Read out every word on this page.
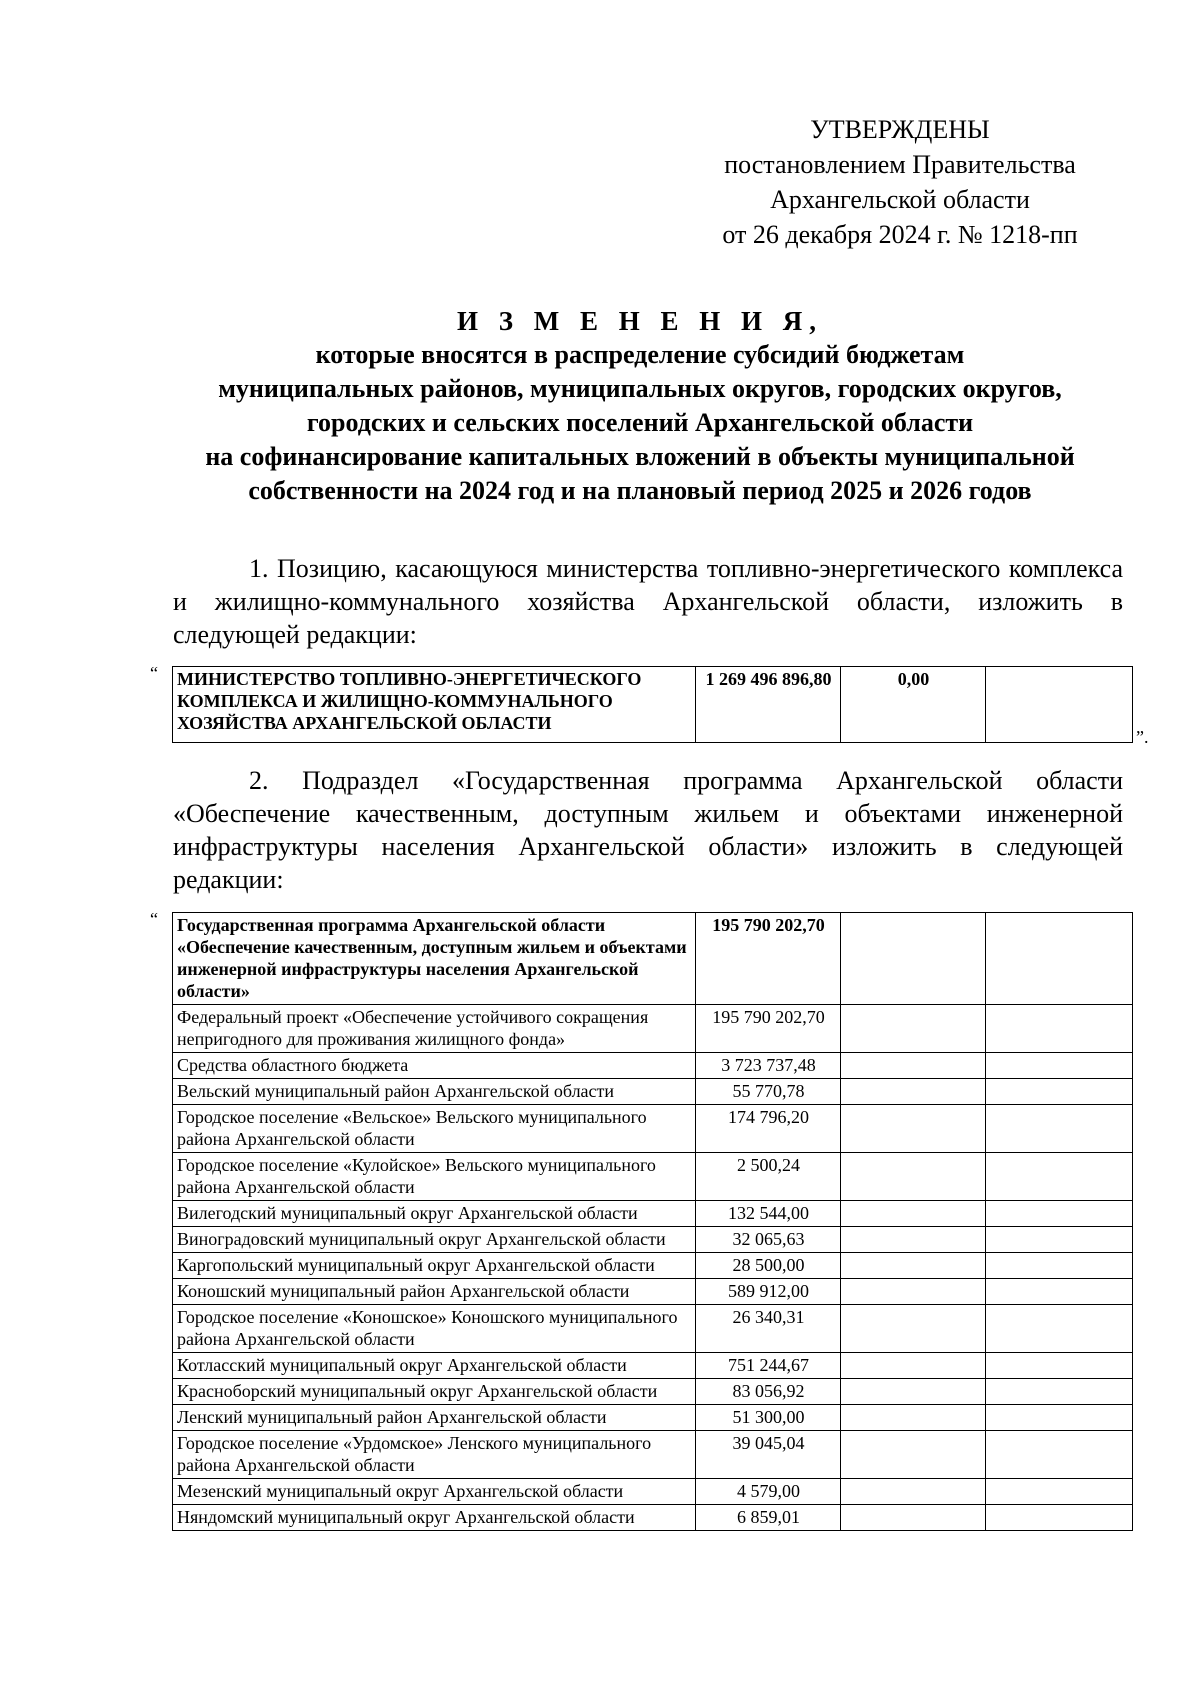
УТВЕРЖДЕНЫ
постановлением Правительства
Архангельской области
от 26 декабря 2024 г. № 1218-пп
И З М Е Н Е Н И Я,
которые вносятся в распределение субсидий бюджетам
муниципальных районов, муниципальных округов, городских округов,
городских и сельских поселений Архангельской области
на софинансирование капитальных вложений в объекты муниципальной
собственности на 2024 год и на плановый период 2025 и 2026 годов
1. Позицию, касающуюся министерства топливно-энергетического комплекса и жилищно-коммунального хозяйства Архангельской области, изложить в следующей редакции:
“ МИНИСТЕРСТВО ТОПЛИВНО-ЭНЕРГЕТИЧЕСКОГО КОМПЛЕКСА И ЖИЛИЩНО-КОММУНАЛЬНОГО ХОЗЯЙСТВА АРХАНГЕЛЬСКОЙ ОБЛАСТИ	1 269 496 896,80	0,00	
”.
2. Подраздел «Государственная программа Архангельской области «Обеспечение качественным, доступным жильем и объектами инженерной инфраструктуры населения Архангельской области» изложить в следующей редакции:
“ Государственная программа Архангельской области «Обеспечение качественным, доступным жильем и объектами инженерной инфраструктуры населения Архангельской области»	195 790 202,70		
Федеральный проект «Обеспечение устойчивого сокращения непригодного для проживания жилищного фонда»	195 790 202,70		
Средства областного бюджета	3 723 737,48		
Вельский муниципальный район Архангельской области	55 770,78		
Городское поселение «Вельское» Вельского муниципального района Архангельской области	174 796,20		
Городское поселение «Кулойское» Вельского муниципального района Архангельской области	2 500,24		
Вилегодский муниципальный округ Архангельской области	132 544,00		
Виноградовский муниципальный округ Архангельской области	32 065,63		
Каргопольский муниципальный округ Архангельской области	28 500,00		
Коношский муниципальный район Архангельской области	589 912,00		
Городское поселение «Коношское» Коношского муниципального района Архангельской области	26 340,31		
Котласский муниципальный округ Архангельской области	751 244,67		
Красноборский муниципальный округ Архангельской области	83 056,92		
Ленский муниципальный район Архангельской области	51 300,00		
Городское поселение «Урдомское» Ленского муниципального района Архангельской области	39 045,04		
Мезенский муниципальный округ Архангельской области	4 579,00		
Няндомский муниципальный округ Архангельской области	6 859,01		
